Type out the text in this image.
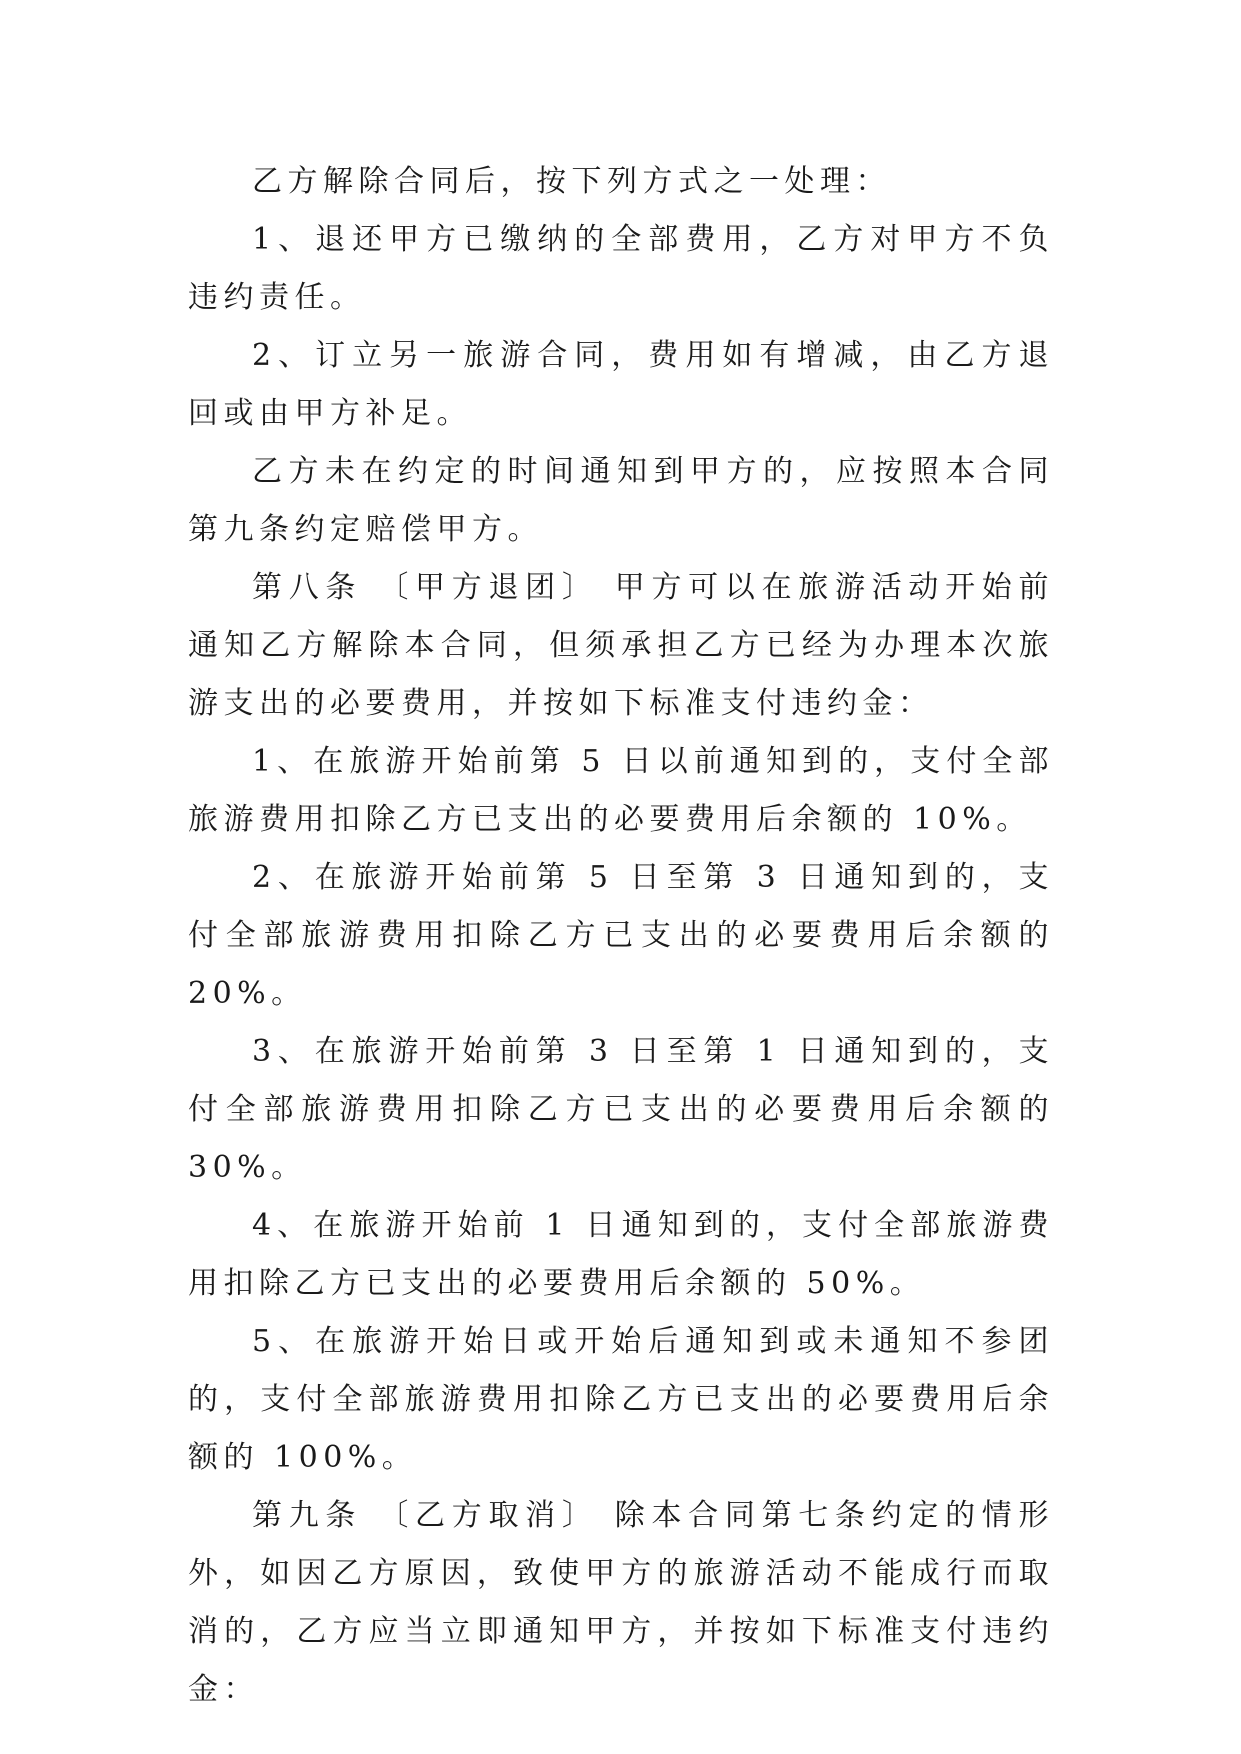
乙方解除合同后，按下列方式之一处理：

1、退还甲方已缴纳的全部费用，乙方对甲方不负违约责任。

2、订立另一旅游合同，费用如有增减，由乙方退回或由甲方补足。

乙方未在约定的时间通知到甲方的，应按照本合同第九条约定赔偿甲方。

第八条 〔甲方退团〕 甲方可以在旅游活动开始前通知乙方解除本合同，但须承担乙方已经为办理本次旅游支出的必要费用，并按如下标准支付违约金：

1、在旅游开始前第 5 日以前通知到的，支付全部旅游费用扣除乙方已支出的必要费用后余额的 10%。

2、在旅游开始前第 5 日至第 3 日通知到的，支付全部旅游费用扣除乙方已支出的必要费用后余额的 20%。

3、在旅游开始前第 3 日至第 1 日通知到的，支付全部旅游费用扣除乙方已支出的必要费用后余额的 30%。

4、在旅游开始前 1 日通知到的，支付全部旅游费用扣除乙方已支出的必要费用后余额的 50%。

5、在旅游开始日或开始后通知到或未通知不参团的，支付全部旅游费用扣除乙方已支出的必要费用后余额的 100%。

第九条 〔乙方取消〕 除本合同第七条约定的情形外，如因乙方原因，致使甲方的旅游活动不能成行而取消的，乙方应当立即通知甲方，并按如下标准支付违约金：
